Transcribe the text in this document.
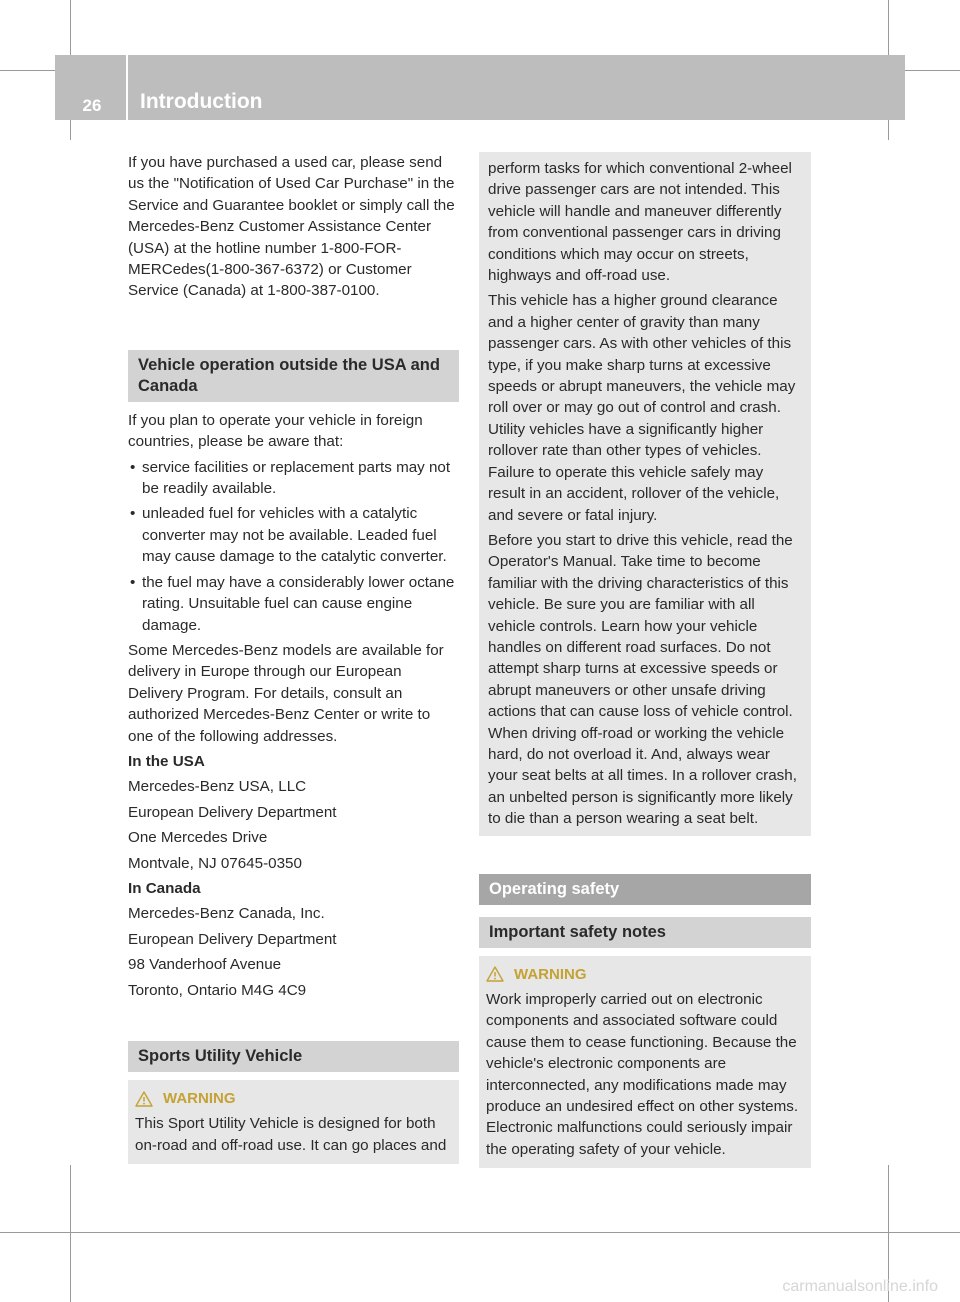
26	Introduction

If you have purchased a used car, please send us the "Notification of Used Car Purchase" in the Service and Guarantee booklet or simply call the Mercedes-Benz Customer Assistance Center (USA) at the hotline number 1-800-FOR-MERCedes(1-800-367-6372) or Customer Service (Canada) at 1-800-387-0100.

Vehicle operation outside the USA and Canada

If you plan to operate your vehicle in foreign countries, please be aware that:

• service facilities or replacement parts may not be readily available.
• unleaded fuel for vehicles with a catalytic converter may not be available. Leaded fuel may cause damage to the catalytic converter.
• the fuel may have a considerably lower octane rating. Unsuitable fuel can cause engine damage.

Some Mercedes-Benz models are available for delivery in Europe through our European Delivery Program. For details, consult an authorized Mercedes-Benz Center or write to one of the following addresses.

In the USA

Mercedes-Benz USA, LLC

European Delivery Department

One Mercedes Drive

Montvale, NJ 07645-0350

In Canada

Mercedes-Benz Canada, Inc.

European Delivery Department

98 Vanderhoof Avenue

Toronto, Ontario M4G 4C9

Sports Utility Vehicle
WARNING

This Sport Utility Vehicle is designed for both on-road and off-road use. It can go places and

perform tasks for which conventional 2-wheel drive passenger cars are not intended. This vehicle will handle and maneuver differently from conventional passenger cars in driving conditions which may occur on streets, highways and off-road use.

This vehicle has a higher ground clearance and a higher center of gravity than many passenger cars. As with other vehicles of this type, if you make sharp turns at excessive speeds or abrupt maneuvers, the vehicle may roll over or may go out of control and crash. Utility vehicles have a significantly higher rollover rate than other types of vehicles. Failure to operate this vehicle safely may result in an accident, rollover of the vehicle, and severe or fatal injury.

Before you start to drive this vehicle, read the Operator's Manual. Take time to become familiar with the driving characteristics of this vehicle. Be sure you are familiar with all vehicle controls. Learn how your vehicle handles on different road surfaces. Do not attempt sharp turns at excessive speeds or abrupt maneuvers or other unsafe driving actions that can cause loss of vehicle control. When driving off-road or working the vehicle hard, do not overload it. And, always wear your seat belts at all times. In a rollover crash, an unbelted person is significantly more likely to die than a person wearing a seat belt.

Operating safety
Important safety notes
WARNING

Work improperly carried out on electronic components and associated software could cause them to cease functioning. Because the vehicle's electronic components are interconnected, any modifications made may produce an undesired effect on other systems. Electronic malfunctions could seriously impair the operating safety of your vehicle.

carmanualsonline.info
